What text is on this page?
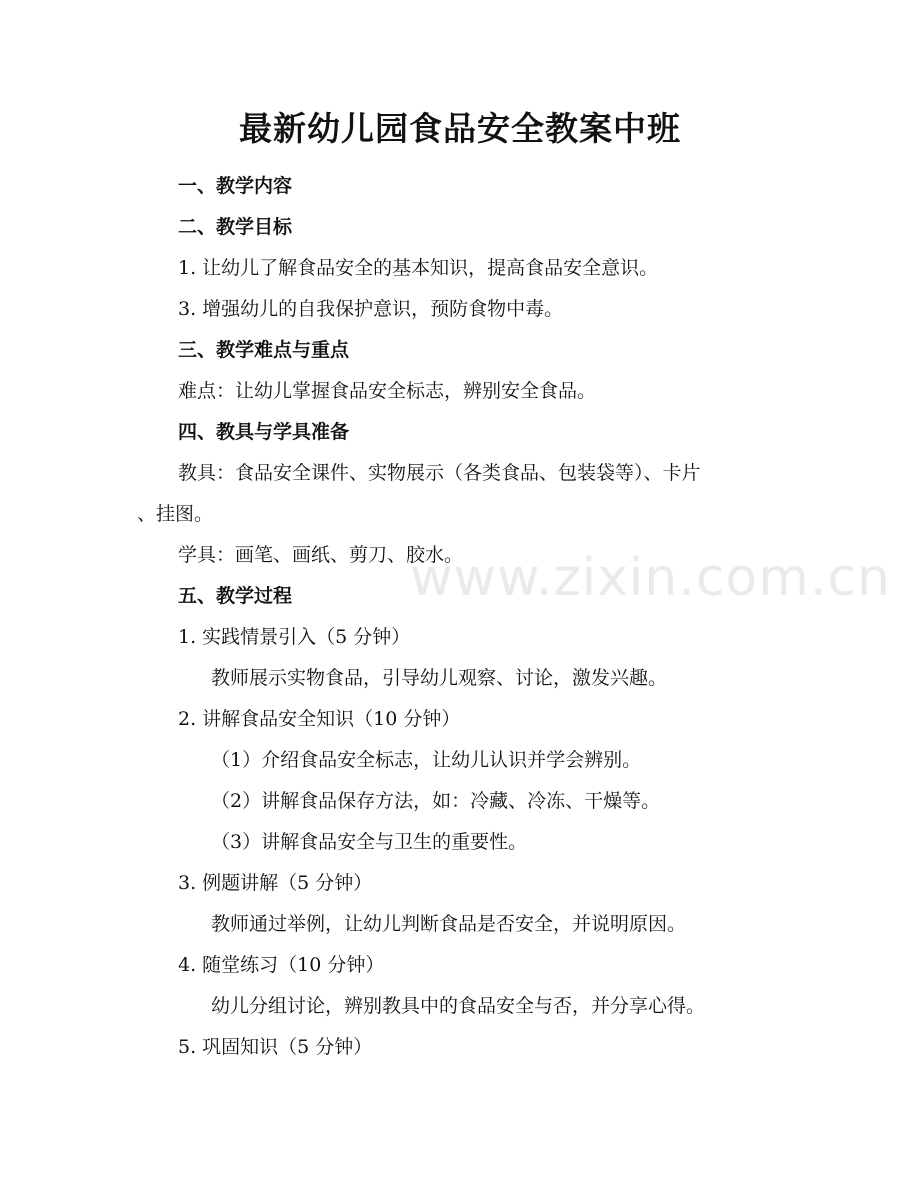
www.zixin.com.cn
最新幼儿园食品安全教案中班
一、教学内容
二、教学目标
1. 让幼儿了解食品安全的基本知识，提高食品安全意识。
3. 增强幼儿的自我保护意识，预防食物中毒。
三、教学难点与重点
难点：让幼儿掌握食品安全标志，辨别安全食品。
四、教具与学具准备
教具：食品安全课件、实物展示（各类食品、包装袋等）、卡片
、挂图。
学具：画笔、画纸、剪刀、胶水。
五、教学过程
1. 实践情景引入（5 分钟）
教师展示实物食品，引导幼儿观察、讨论，激发兴趣。
2. 讲解食品安全知识（10 分钟）
（1）介绍食品安全标志，让幼儿认识并学会辨别。
（2）讲解食品保存方法，如：冷藏、冷冻、干燥等。
（3）讲解食品安全与卫生的重要性。
3. 例题讲解（5 分钟）
教师通过举例，让幼儿判断食品是否安全，并说明原因。
4. 随堂练习（10 分钟）
幼儿分组讨论，辨别教具中的食品安全与否，并分享心得。
5. 巩固知识（5 分钟）
